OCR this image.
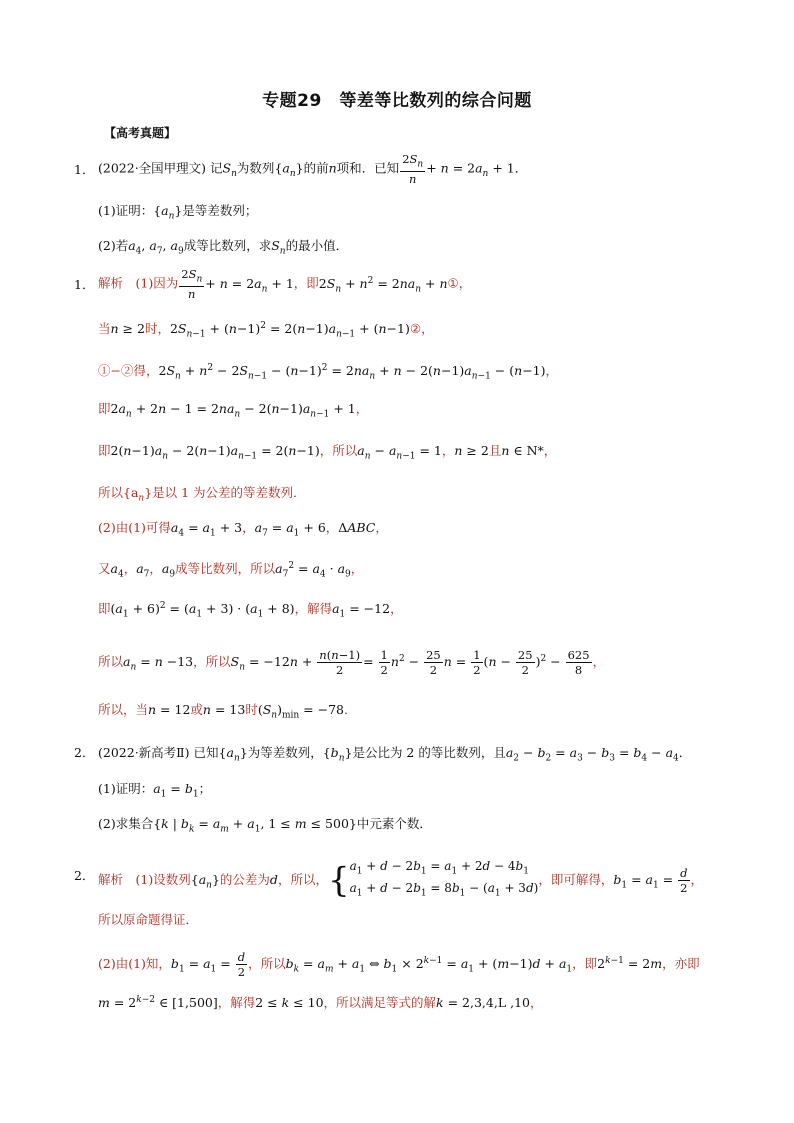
专题29　等差等比数列的综合问题
【高考真题】
1． (2022·全国甲理文) 记$S_n$为数列$\{a_n\}$的前n项和．已知 $\frac{2S_n}{n} + n = 2a_n + 1$．
(1)证明：$\{a_n\}$是等差数列；
(2)若$a_4$, $a_7$, $a_9$成等比数列，求$S_n$的最小值．
1． 解析　 (1)因为 $\frac{2S_n}{n} + n = 2a_n + 1$，即$2S_n + n^2 = 2na_n$ + n①，
当n ≥ 2时，$2S_{n-1} + (n-1)^2 = 2(n-1)a_{n-1}$ + (n−1)②，
①−②得，$2S_n + n^2 - 2S_{n-1} - (n-1)^2 = 2na_n + n - 2(n-1)a_{n-1} - (n-1)$，
即$2a_n + 2n - 1 = 2na_n - 2(n-1)a_{n-1} + 1$，
即$2(n-1)a_n - 2(n-1)a_{n-1} = 2(n-1)$，所以$a_n - a_{n-1} = 1$，n ≥ 2且n ∈ N*，
所以$\{a_n\}$是以 1 为公差的等差数列．
(2)由(1)可得$a_4 = a_1 + 3$，$a_7 = a_1 + 6$，ΔABC，
又$a_4$，$a_7$，$a_9$成等比数列，所以$a_7^2 = a_4 \cdot a_9$，
即$(a_1 + 6)^2 = (a_1 + 3) \cdot (a_1 + 8)$，解得$a_1 = -12$，
所以$a_n = n -13$，所以$S_n = -12n + \frac{n(n-1)}{2} = \frac{1}{2} n^2 - \frac{25}{2}$ $n = \frac{1}{2} (n - \frac{25}{2} )^2 - \frac{625}{8}$ ，
所以，当n = 12或n = 13时$(S_n)_{min} = -78$．
2． (2022·新高考Ⅱ) 已知$\{a_n\}$为等差数列，$\{b_n\}$是公比为 2 的等比数列，且$a_2 - b_2 = a_3 - b_3 = b_4 - a_4$．
(1)证明：$a_1 = b_1$；
(2)求集合{k | $b_k = a_m + a_1$, 1 ≤ m ≤ 500}中元素个数．
2． 解析　 (1)设数列$\{a_n\}$的公差为d，所以，{$a_1 + d - 2b_1 = a_1 + 2d - 4b_1$
$a_1 + d - 2b_1 = 8b_1 - (a_1 + 3d)$，即可解得，$b_1 = a_1 = \frac{d}{2}$ ，
所以原命题得证．
(2)由(1)知，$b_1 = a_1 = \frac{d}{2}$ ，所以$b_k = a_m + a_1$ ⇔ $b_1 \times 2^{k-1} = a_1 + (m-1)d + a_1$，即$2^{k-1} = 2m$，亦即
$m = 2^{k-2}$ ∈ [1,500]，解得2 ≤ k ≤ 10，所以满足等式的解k = 2,3,4,L ,10，
